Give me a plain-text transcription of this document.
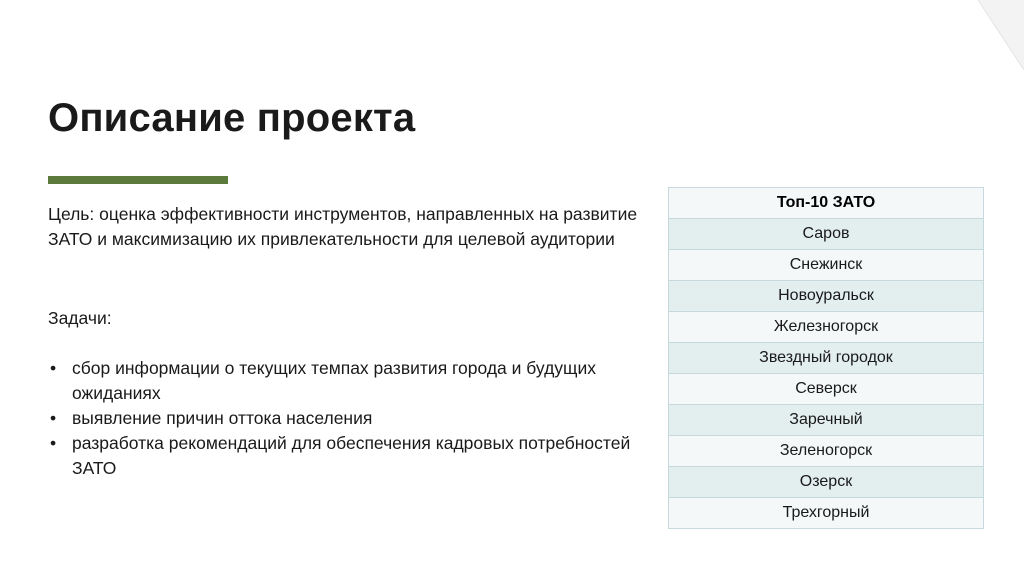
Описание проекта

Цель: оценка эффективности инструментов, направленных на развитие ЗАТО и максимизацию их привлекательности для целевой аудитории

Задачи:

• сбор информации о текущих темпах развития города и будущих ожиданиях
• выявление причин оттока населения
• разработка рекомендаций для обеспечения кадровых потребностей ЗАТО
Топ-10 ЗАТО
Саров
Снежинск
Новоуральск
Железногорск
Звездный городок
Северск
Заречный
Зеленогорск
Озерск
Трехгорный
